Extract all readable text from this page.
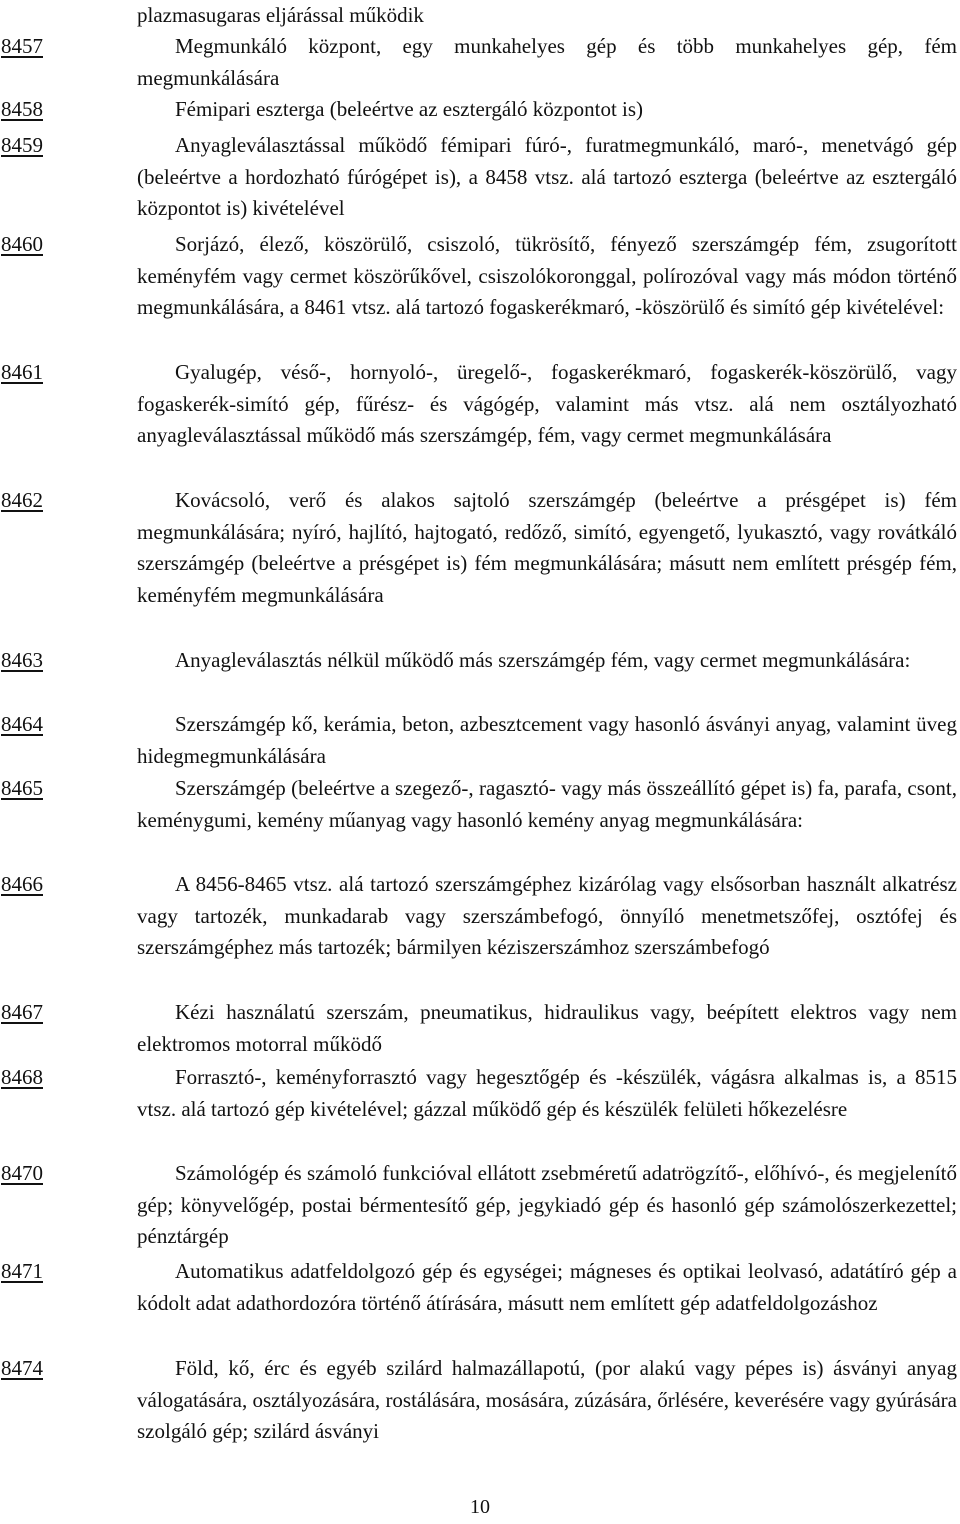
plazmasugaras eljárással működik
8457	Megmunkáló központ, egy munkahelyes gép és több munkahelyes gép, fém megmunkálására
8458	Fémipari eszterga (beleértve az esztergáló központot is)
8459	Anyagleválasztással működő fémipari fúró-, furatmegmunkáló, maró-, menetvágó gép (beleértve a hordozható fúrógépet is), a 8458 vtsz. alá tartozó eszterga (beleértve az esztergáló központot is) kivételével
8460	Sorjázó, élező, köszörülő, csiszoló, tükrösítő, fényező szerszámgép fém, zsugorított keményfém vagy cermet köszörűkővel, csiszolókoronggal, polírozóval vagy más módon történő megmunkálására, a 8461 vtsz. alá tartozó fogaskerékmaró, -köszörülő és simító gép kivételével:
8461	Gyalugép, véső-, hornyoló-, üregelő-, fogaskerékmaró, fogaskerék-köszörülő, vagy fogaskerék-simító gép, fűrész- és vágógép, valamint más vtsz. alá nem osztályozható anyagleválasztással működő más szerszámgép, fém, vagy cermet megmunkálására
8462	Kovácsoló, verő és alakos sajtoló szerszámgép (beleértve a présgépet is) fém megmunkálására; nyíró, hajlító, hajtogató, redőző, simító, egyengető, lyukasztó, vagy rovátkáló szerszámgép (beleértve a présgépet is) fém megmunkálására; másutt nem említett présgép fém, keményfém megmunkálására
8463	Anyagleválasztás nélkül működő más szerszámgép fém, vagy cermet megmunkálására:
8464	Szerszámgép kő, kerámia, beton, azbesztcement vagy hasonló ásványi anyag, valamint üveg hidegmegmunkálására
8465	Szerszámgép (beleértve a szegező-, ragasztó- vagy más összeállító gépet is) fa, parafa, csont, keménygumi, kemény műanyag vagy hasonló kemény anyag megmunkálására:
8466	A 8456-8465 vtsz. alá tartozó szerszámgéphez kizárólag vagy elsősorban használt alkatrész vagy tartozék, munkadarab vagy szerszámbefogó, önnyíló menetmetszőfej, osztófej és szerszámgéphez más tartozék; bármilyen kéziszerszámhoz szerszámbefogó
8467	Kézi használatú szerszám, pneumatikus, hidraulikus vagy, beépített elektros vagy nem elektromos motorral működő
8468	Forrasztó-, keményforrasztó vagy hegesztőgép és -készülék, vágásra alkalmas is, a 8515 vtsz. alá tartozó gép kivételével; gázzal működő gép és készülék felületi hőkezelésre
8470	Számológép és számoló funkcióval ellátott zsebméretű adatrögzítő-, előhívó-, és megjelenítő gép; könyvelőgép, postai bérmentesítő gép, jegykiadó gép és hasonló gép számolószerkezettel; pénztárgép
8471	Automatikus adatfeldolgozó gép és egységei; mágneses és optikai leolvasó, adatátíró gép a kódolt adat adathordozóra történő átírására, másutt nem említett gép adatfeldolgozáshoz
8474	Föld, kő, érc és egyéb szilárd halmazállapotú, (por alakú vagy pépes is) ásványi anyag válogatására, osztályozására, rostálására, mosására, zúzására, őrlésére, keverésére vagy gyúrására szolgáló gép; szilárd ásványi
10
